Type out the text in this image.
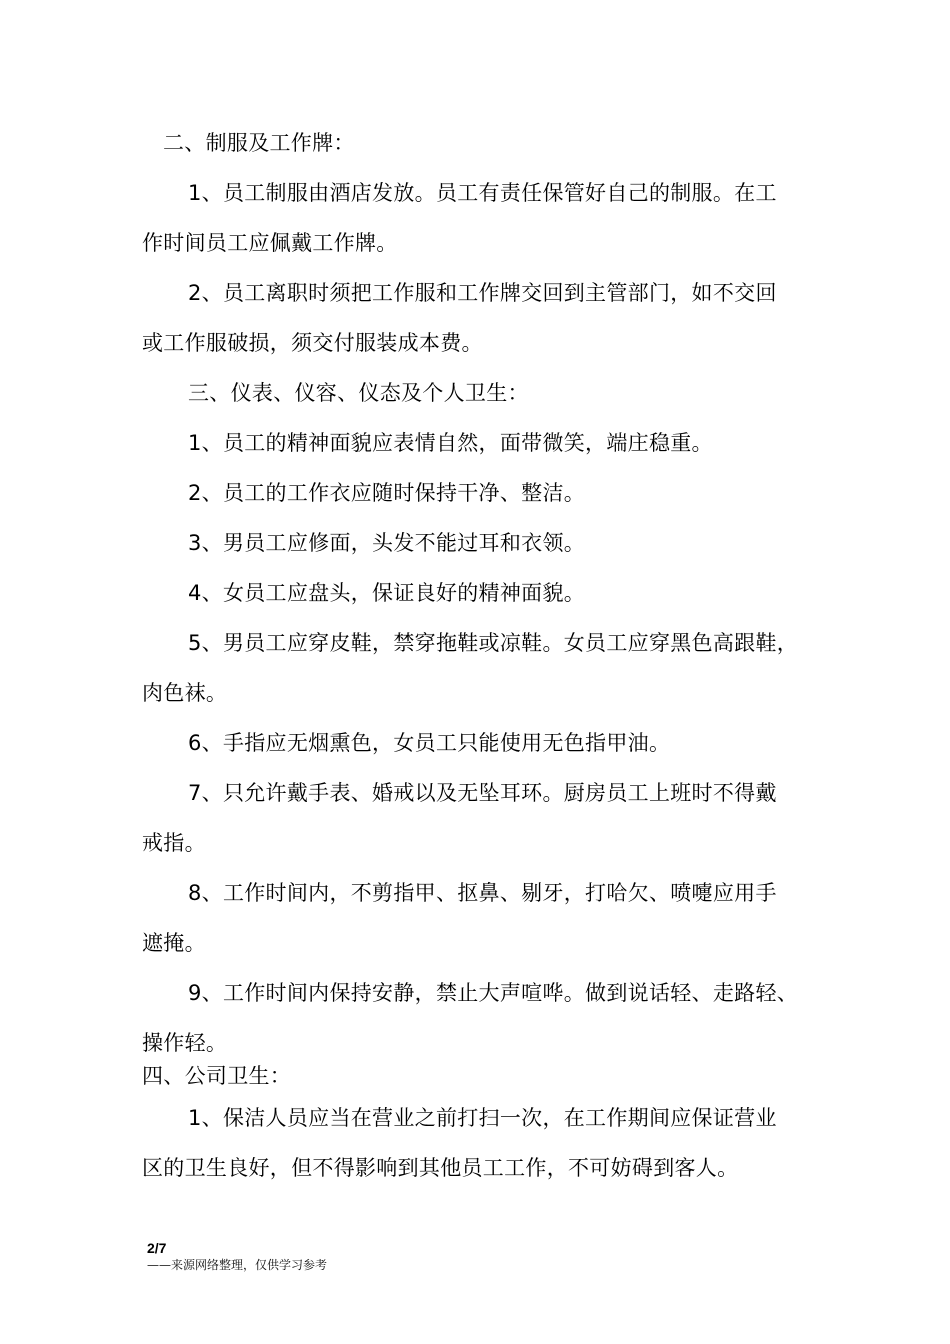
二、制服及工作牌：
1、员工制服由酒店发放。员工有责任保管好自己的制服。在工
作时间员工应佩戴工作牌。
2、员工离职时须把工作服和工作牌交回到主管部门，如不交回
或工作服破损，须交付服装成本费。
三、仪表、仪容、仪态及个人卫生：
1、员工的精神面貌应表情自然，面带微笑，端庄稳重。
2、员工的工作衣应随时保持干净、整洁。
3、男员工应修面，头发不能过耳和衣领。
4、女员工应盘头，保证良好的精神面貌。
5、男员工应穿皮鞋，禁穿拖鞋或凉鞋。女员工应穿黑色高跟鞋，
肉色袜。
6、手指应无烟熏色，女员工只能使用无色指甲油。
7、只允许戴手表、婚戒以及无坠耳环。厨房员工上班时不得戴
戒指。
8、工作时间内，不剪指甲、抠鼻、剔牙，打哈欠、喷嚏应用手
遮掩。
9、工作时间内保持安静，禁止大声喧哗。做到说话轻、走路轻、
操作轻。
四、公司卫生：
1、保洁人员应当在营业之前打扫一次，在工作期间应保证营业
区的卫生良好，但不得影响到其他员工工作，不可妨碍到客人。
2/7
——来源网络整理，仅供学习参考
